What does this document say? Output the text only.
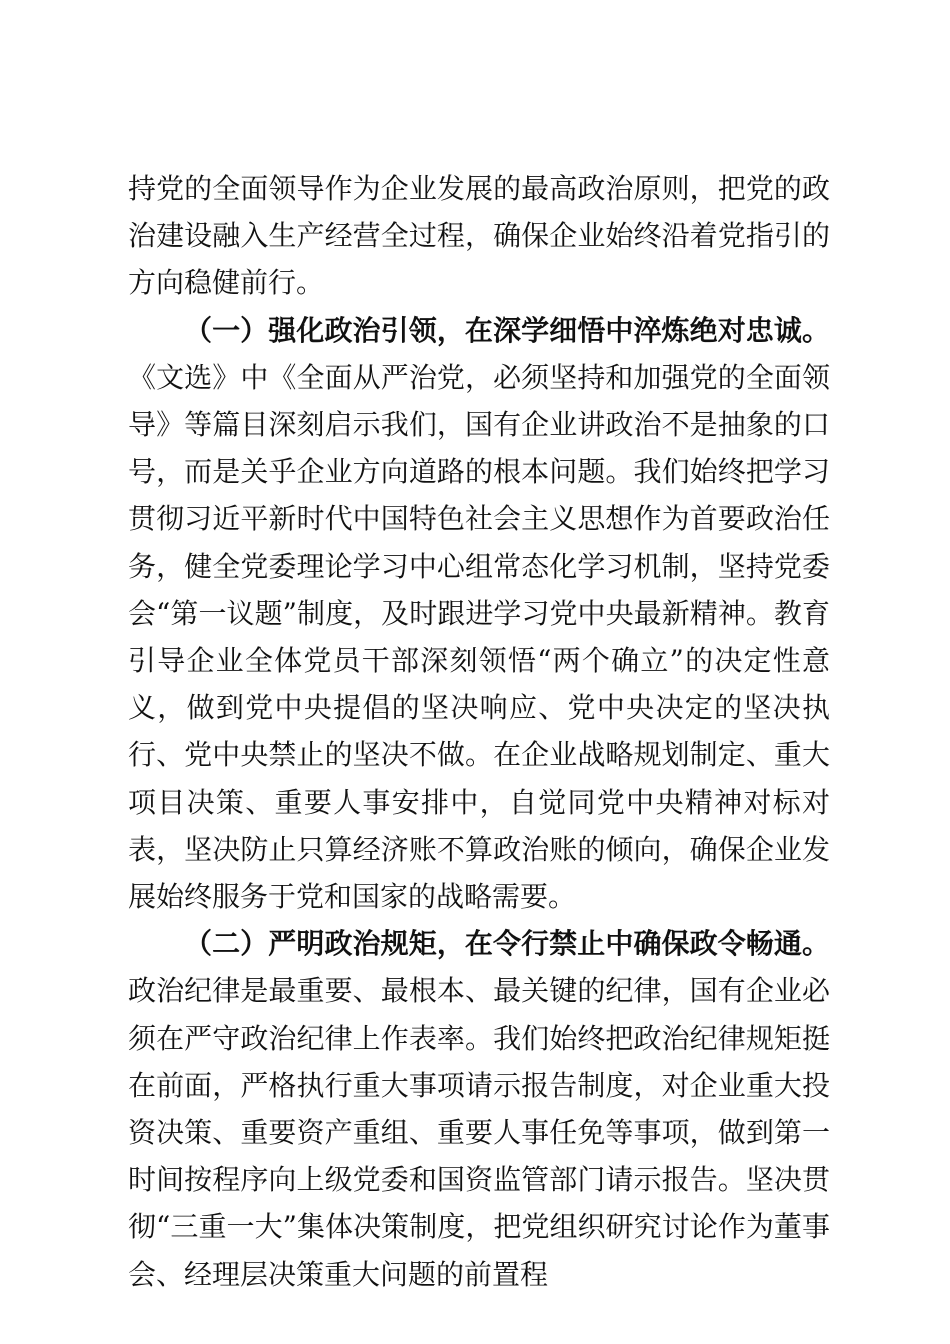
持党的全面领导作为企业发展的最高政治原则，把党的政治建设融入生产经营全过程，确保企业始终沿着党指引的方向稳健前行。

（一）强化政治引领，在深学细悟中淬炼绝对忠诚。《文选》中《全面从严治党，必须坚持和加强党的全面领导》等篇目深刻启示我们，国有企业讲政治不是抽象的口号，而是关乎企业方向道路的根本问题。我们始终把学习贯彻习近平新时代中国特色社会主义思想作为首要政治任务，健全党委理论学习中心组常态化学习机制，坚持党委会“第一议题”制度，及时跟进学习党中央最新精神。教育引导企业全体党员干部深刻领悟“两个确立”的决定性意义，做到党中央提倡的坚决响应、党中央决定的坚决执行、党中央禁止的坚决不做。在企业战略规划制定、重大项目决策、重要人事安排中，自觉同党中央精神对标对表，坚决防止只算经济账不算政治账的倾向，确保企业发展始终服务于党和国家的战略需要。

（二）严明政治规矩，在令行禁止中确保政令畅通。政治纪律是最重要、最根本、最关键的纪律，国有企业必须在严守政治纪律上作表率。我们始终把政治纪律规矩挺在前面，严格执行重大事项请示报告制度，对企业重大投资决策、重要资产重组、重要人事任免等事项，做到第一时间按程序向上级党委和国资监管部门请示报告。坚决贯彻“三重一大”集体决策制度，把党组织研究讨论作为董事会、经理层决策重大问题的前置程
